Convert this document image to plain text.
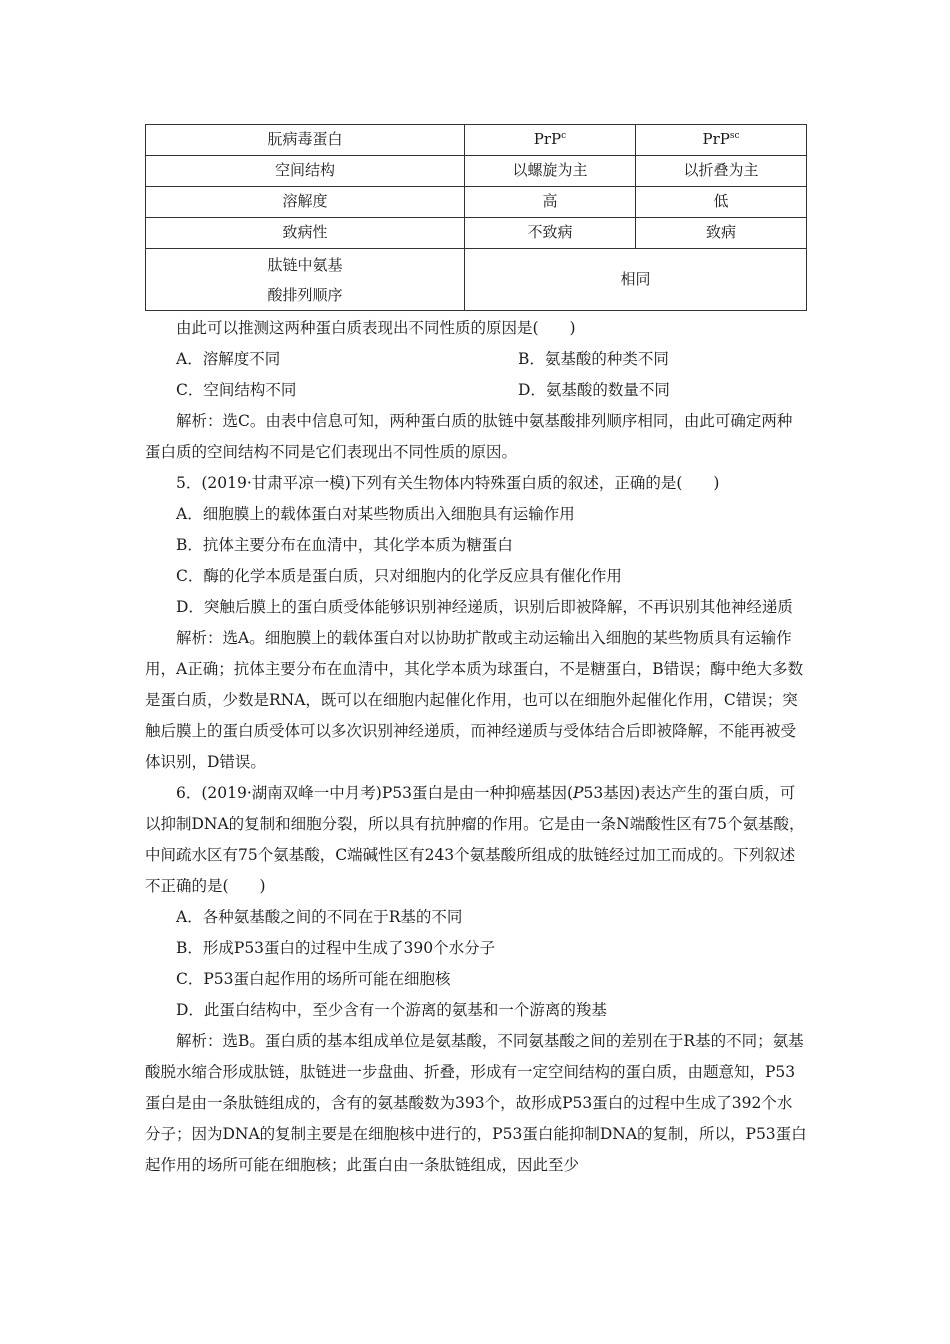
朊病毒蛋白	PrP$^c$	PrP$^{sc}$
空间结构	以螺旋为主	以折叠为主
溶解度	高	低
致病性	不致病	致病

肽链中氨基
酸排列顺序	相同	

由此可以推测这两种蛋白质表现出不同性质的原因是(　　)

A．溶解度不同	B．氨基酸的种类不同
C．空间结构不同	D．氨基酸的数量不同

解析：选C。由表中信息可知，两种蛋白质的肽链中氨基酸排列顺序相同，由此可确定两种蛋白质的空间结构不同是它们表现出不同性质的原因。

5．(2019·甘肃平凉一模)下列有关生物体内特殊蛋白质的叙述，正确的是(　　)

A．细胞膜上的载体蛋白对某些物质出入细胞具有运输作用

B．抗体主要分布在血清中，其化学本质为糖蛋白

C．酶的化学本质是蛋白质，只对细胞内的化学反应具有催化作用

D．突触后膜上的蛋白质受体能够识别神经递质，识别后即被降解，不再识别其他神经递质

解析：选A。细胞膜上的载体蛋白对以协助扩散或主动运输出入细胞的某些物质具有运输作用，A正确；抗体主要分布在血清中，其化学本质为球蛋白，不是糖蛋白，B错误；酶中绝大多数是蛋白质，少数是RNA，既可以在细胞内起催化作用，也可以在细胞外起催化作用，C错误；突触后膜上的蛋白质受体可以多次识别神经递质，而神经递质与受体结合后即被降解，不能再被受体识别，D错误。

6．(2019·湖南双峰一中月考)P53蛋白是由一种抑癌基因(P53基因)表达产生的蛋白质，可以抑制DNA的复制和细胞分裂，所以具有抗肿瘤的作用。它是由一条N端酸性区有75个氨基酸，中间疏水区有75个氨基酸，C端碱性区有243个氨基酸所组成的肽链经过加工而成的。下列叙述不正确的是(　　)

A．各种氨基酸之间的不同在于R基的不同

B．形成P53蛋白的过程中生成了390个水分子

C．P53蛋白起作用的场所可能在细胞核

D．此蛋白结构中，至少含有一个游离的氨基和一个游离的羧基

解析：选B。蛋白质的基本组成单位是氨基酸，不同氨基酸之间的差别在于R基的不同；氨基酸脱水缩合形成肽链，肽链进一步盘曲、折叠，形成有一定空间结构的蛋白质，由题意知，P53蛋白是由一条肽链组成的，含有的氨基酸数为393个，故形成P53蛋白的过程中生成了392个水分子；因为DNA的复制主要是在细胞核中进行的，P53蛋白能抑制DNA的复制，所以，P53蛋白起作用的场所可能在细胞核；此蛋白由一条肽链组成，因此至少
